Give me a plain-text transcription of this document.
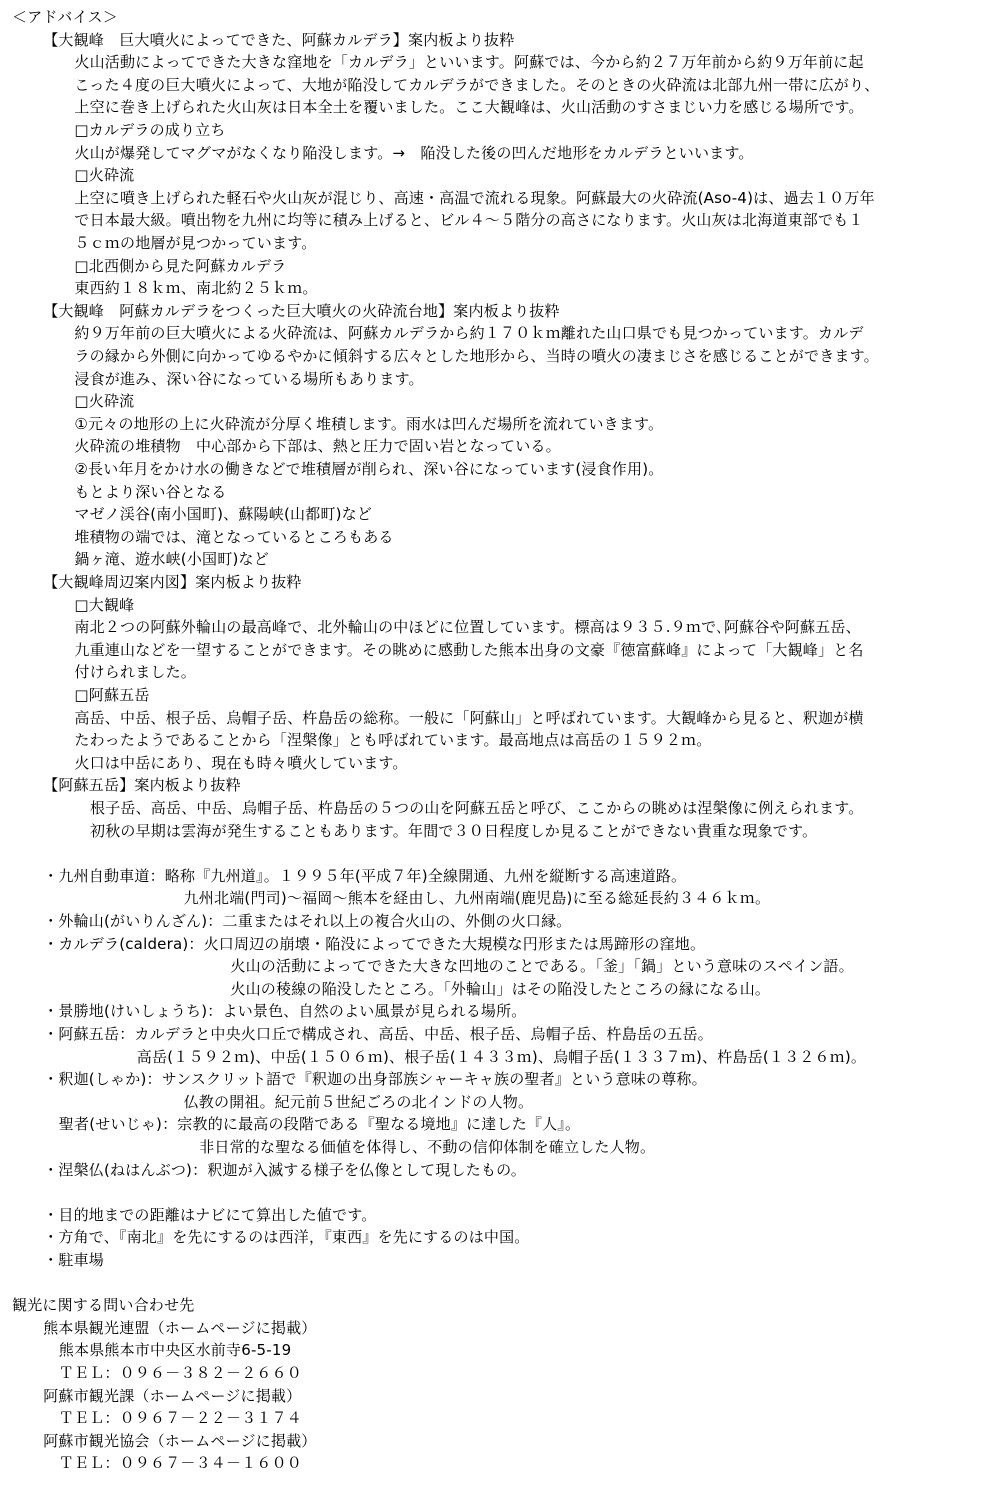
＜アドバイス＞
【大観峰　巨大噴火によってできた、阿蘇カルデラ】案内板より抜粋
火山活動によってできた大きな窪地を「カルデラ」といいます。阿蘇では、今から約２７万年前から約９万年前に起
こった４度の巨大噴火によって、大地が陥没してカルデラができました。そのときの火砕流は北部九州一帯に広がり、
上空に巻き上げられた火山灰は日本全土を覆いました。ここ大観峰は、火山活動のすさまじい力を感じる場所です。
□カルデラの成り立ち
火山が爆発してマグマがなくなり陥没します。→　陥没した後の凹んだ地形をカルデラといいます。
□火砕流
上空に噴き上げられた軽石や火山灰が混じり、高速・高温で流れる現象。阿蘇最大の火砕流(Aso-4)は、過去１０万年
で日本最大級。噴出物を九州に均等に積み上げると、ビル４～５階分の高さになります。火山灰は北海道東部でも１
５ｃｍの地層が見つかっています。
□北西側から見た阿蘇カルデラ
東西約１８ｋｍ、南北約２５ｋｍ。
【大観峰　阿蘇カルデラをつくった巨大噴火の火砕流台地】案内板より抜粋
約９万年前の巨大噴火による火砕流は、阿蘇カルデラから約１７０ｋｍ離れた山口県でも見つかっています。カルデ
ラの縁から外側に向かってゆるやかに傾斜する広々とした地形から、当時の噴火の凄まじさを感じることができます。
浸食が進み、深い谷になっている場所もあります。
□火砕流
①元々の地形の上に火砕流が分厚く堆積します。雨水は凹んだ場所を流れていきます。
火砕流の堆積物　中心部から下部は、熱と圧力で固い岩となっている。
②長い年月をかけ水の働きなどで堆積層が削られ、深い谷になっています(浸食作用)。
もとより深い谷となる
マゼノ渓谷(南小国町)、蘇陽峡(山都町)など
堆積物の端では、滝となっているところもある
鍋ヶ滝、遊水峡(小国町)など
【大観峰周辺案内図】案内板より抜粋
□大観峰
南北２つの阿蘇外輪山の最高峰で、北外輪山の中ほどに位置しています。標高は９３５.９ｍで､阿蘇谷や阿蘇五岳、
九重連山などを一望することができます。その眺めに感動した熊本出身の文豪『徳富蘇峰』によって「大観峰」と名
付けられました。
□阿蘇五岳
高岳、中岳、根子岳、烏帽子岳、杵島岳の総称。一般に「阿蘇山」と呼ばれています。大観峰から見ると、釈迦が横
たわったようであることから「涅槃像」とも呼ばれています。最高地点は高岳の１５９２ｍ。
火口は中岳にあり、現在も時々噴火しています。
【阿蘇五岳】案内板より抜粋
根子岳、高岳、中岳、烏帽子岳、杵島岳の５つの山を阿蘇五岳と呼び、ここからの眺めは涅槃像に例えられます。
初秋の早期は雲海が発生することもあります。年間で３０日程度しか見ることができない貴重な現象です。
・九州自動車道：略称『九州道』。１９９５年(平成７年)全線開通、九州を縦断する高速道路。
九州北端(門司)～福岡～熊本を経由し、九州南端(鹿児島)に至る総延長約３４６ｋｍ。
・外輪山(がいりんざん)：二重またはそれ以上の複合火山の、外側の火口縁。
・カルデラ(caldera)：火口周辺の崩壊・陥没によってできた大規模な円形または馬蹄形の窪地。
火山の活動によってできた大きな凹地のことである。「釜」「鍋」という意味のスペイン語。
火山の稜線の陥没したところ。「外輪山」はその陥没したところの縁になる山。
・景勝地(けいしょうち)：よい景色、自然のよい風景が見られる場所。
・阿蘇五岳：カルデラと中央火口丘で構成され、高岳、中岳、根子岳、烏帽子岳、杵島岳の五岳。
高岳(１５９２ｍ)、中岳(１５０６ｍ)、根子岳(１４３３ｍ)、烏帽子岳(１３３７ｍ)、杵島岳(１３２６ｍ)。
・釈迦(しゃか)：サンスクリット語で『釈迦の出身部族シャーキャ族の聖者』という意味の尊称。
仏教の開祖。紀元前５世紀ごろの北インドの人物。
聖者(せいじゃ)：宗教的に最高の段階である『聖なる境地』に達した『人』。
非日常的な聖なる価値を体得し、不動の信仰体制を確立した人物。
・涅槃仏(ねはんぶつ)：釈迦が入滅する様子を仏像として現したもの。
・目的地までの距離はナビにて算出した値です。
・方角で、『南北』を先にするのは西洋，『東西』を先にするのは中国。
・駐車場
観光に関する問い合わせ先
熊本県観光連盟（ホームページに掲載）
熊本県熊本市中央区水前寺6-5-19
ＴＥＬ：０９６－３８２－２６６０
阿蘇市観光課（ホームページに掲載）
ＴＥＬ：０９６７－２２－３１７４
阿蘇市観光協会（ホームページに掲載）
ＴＥＬ：０９６７－３４－１６００
